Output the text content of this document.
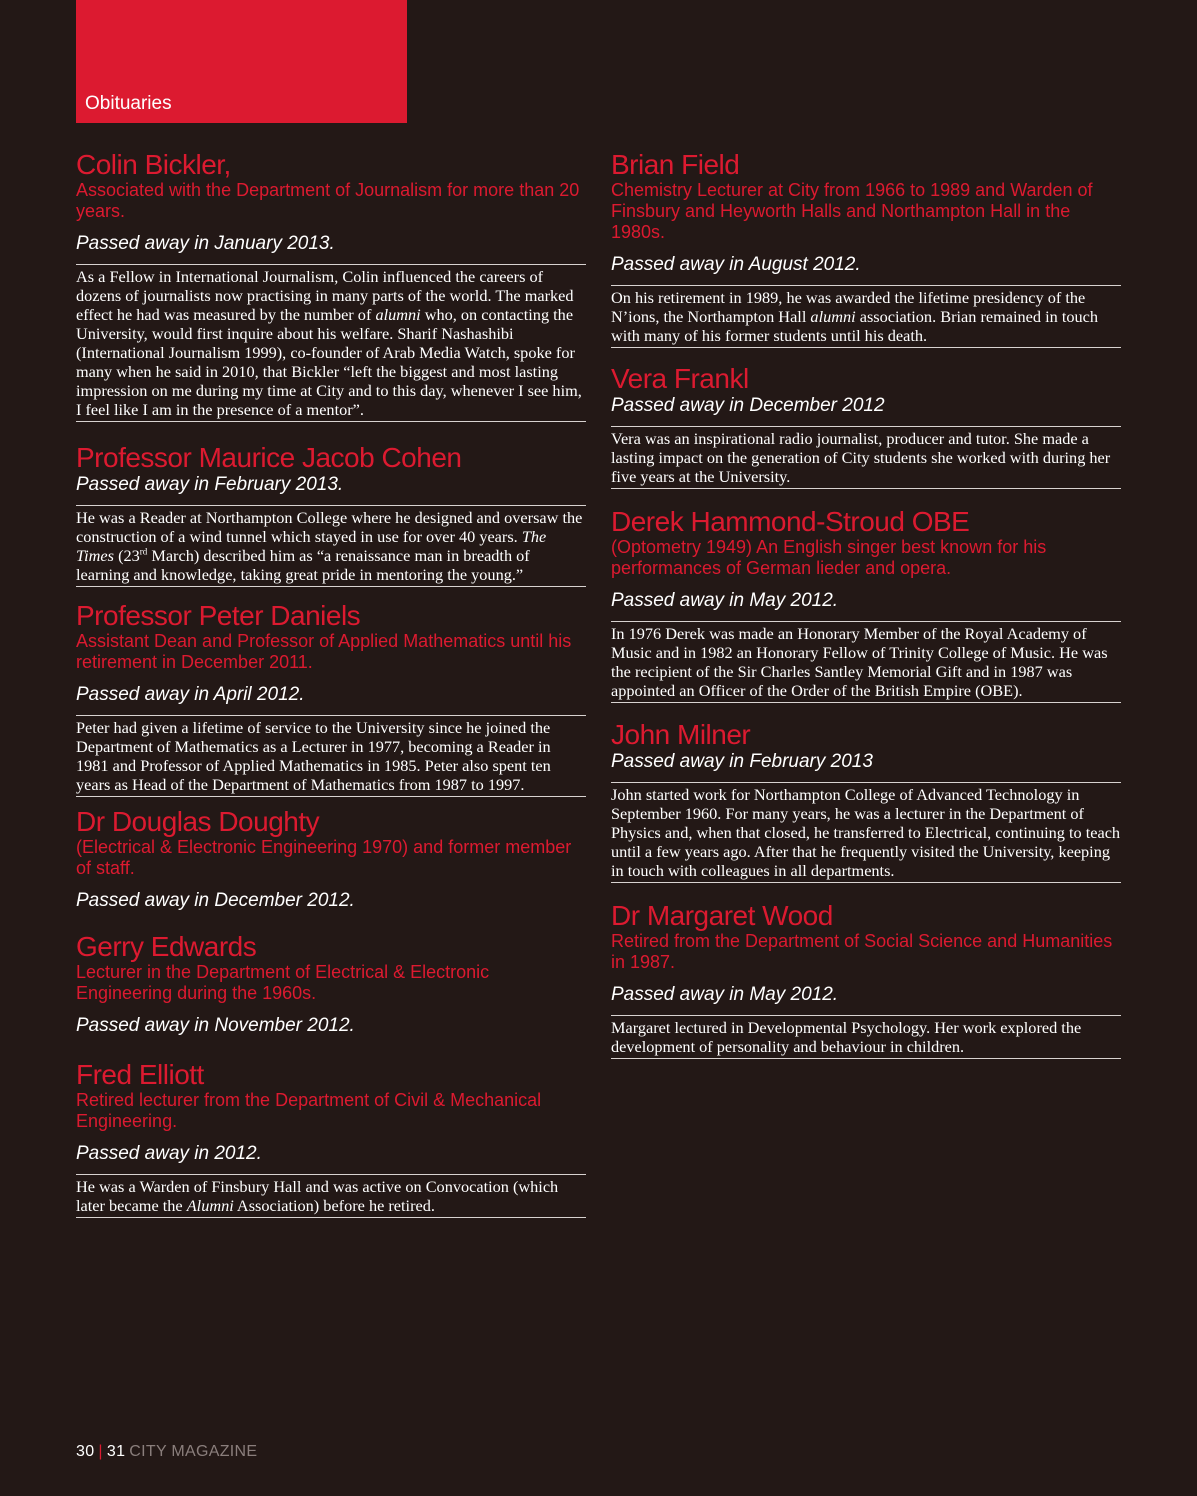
Obituaries
Colin Bickler,

Associated with the Department of Journalism for more than 20 years.

Passed away in January 2013.

As a Fellow in International Journalism, Colin influenced the careers of dozens of journalists now practising in many parts of the world. The marked effect he had was measured by the number of alumni who, on contacting the University, would first inquire about his welfare. Sharif Nashashibi (International Journalism 1999), co-founder of Arab Media Watch, spoke for many when he said in 2010, that Bickler “left the biggest and most lasting impression on me during my time at City and to this day, whenever I see him, I feel like I am in the presence of a mentor”.

Professor Maurice Jacob Cohen

Passed away in February 2013.

He was a Reader at Northampton College where he designed and oversaw the construction of a wind tunnel which stayed in use for over 40 years. The Times (23rd March) described him as “a renaissance man in breadth of learning and knowledge, taking great pride in mentoring the young.”

Professor Peter Daniels

Assistant Dean and Professor of Applied Mathematics until his retirement in December 2011.

Passed away in April 2012.

Peter had given a lifetime of service to the University since he joined the Department of Mathematics as a Lecturer in 1977, becoming a Reader in 1981 and Professor of Applied Mathematics in 1985. Peter also spent ten years as Head of the Department of Mathematics from 1987 to 1997.

Dr Douglas Doughty

(Electrical & Electronic Engineering 1970) and former member of staff.

Passed away in December 2012.

Gerry Edwards

Lecturer in the Department of Electrical & Electronic Engineering during the 1960s.

Passed away in November 2012.

Fred Elliott

Retired lecturer from the Department of Civil & Mechanical Engineering.

Passed away in 2012.

He was a Warden of Finsbury Hall and was active on Convocation (which later became the Alumni Association) before he retired.

Brian Field

Chemistry Lecturer at City from 1966 to 1989 and Warden of Finsbury and Heyworth Halls and Northampton Hall in the 1980s.

Passed away in August 2012.

On his retirement in 1989, he was awarded the lifetime presidency of the N’ions, the Northampton Hall alumni association. Brian remained in touch with many of his former students until his death.

Vera Frankl

Passed away in December 2012

Vera was an inspirational radio journalist, producer and tutor. She made a lasting impact on the generation of City students she worked with during her five years at the University.

Derek Hammond-Stroud OBE

(Optometry 1949) An English singer best known for his performances of German lieder and opera.

Passed away in May 2012.

In 1976 Derek was made an Honorary Member of the Royal Academy of Music and in 1982 an Honorary Fellow of Trinity College of Music. He was the recipient of the Sir Charles Santley Memorial Gift and in 1987 was appointed an Officer of the Order of the British Empire (OBE).

John Milner

Passed away in February 2013

John started work for Northampton College of Advanced Technology in September 1960. For many years, he was a lecturer in the Department of Physics and, when that closed, he transferred to Electrical, continuing to teach until a few years ago. After that he frequently visited the University, keeping in touch with colleagues in all departments.

Dr Margaret Wood

Retired from the Department of Social Science and Humanities in 1987.

Passed away in May 2012.

Margaret lectured in Developmental Psychology. Her work explored the development of personality and behaviour in children.

30 | 31 CITY MAGAZINE
